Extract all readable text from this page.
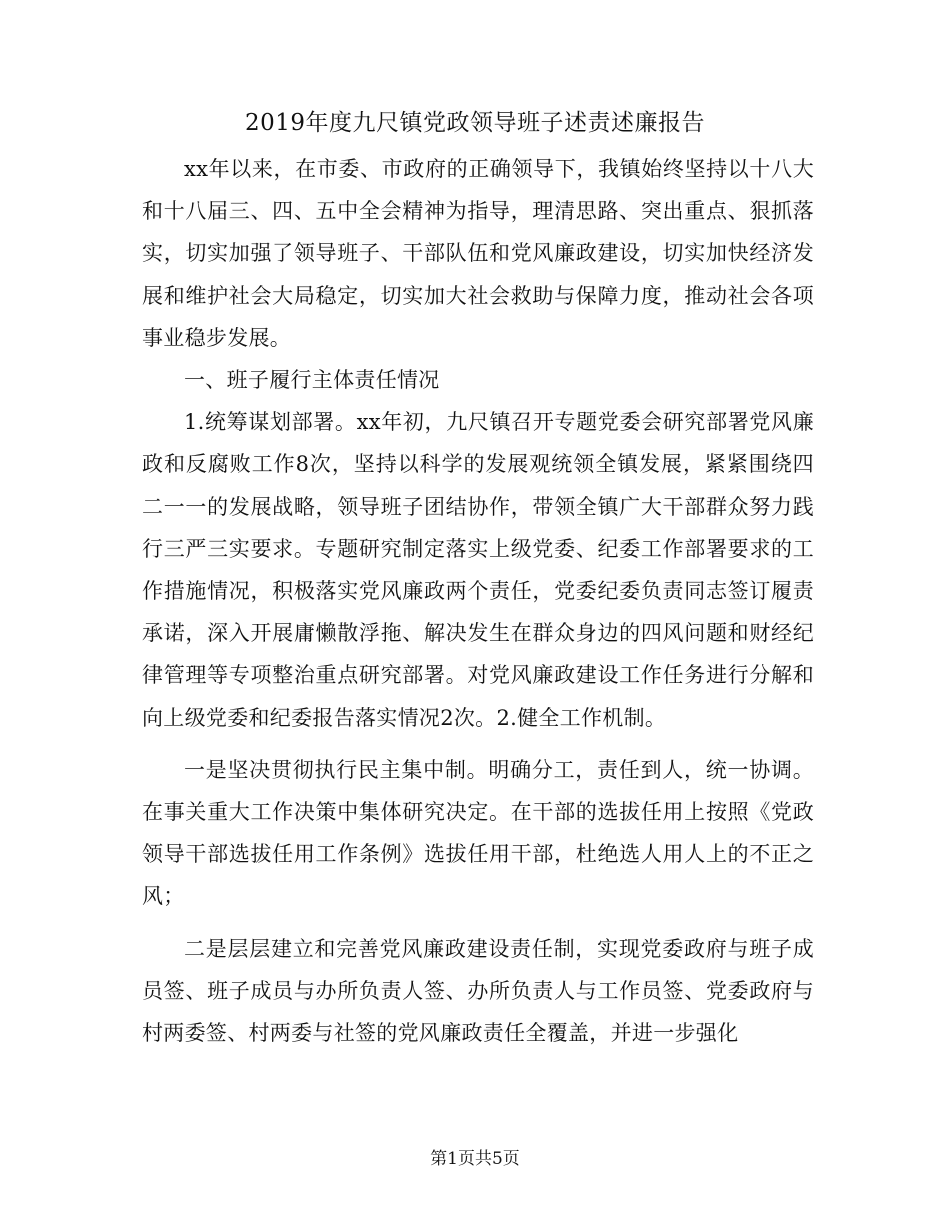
2019年度九尺镇党政领导班子述责述廉报告

xx年以来，在市委、市政府的正确领导下，我镇始终坚持以十八大和十八届三、四、五中全会精神为指导，理清思路、突出重点、狠抓落实，切实加强了领导班子、干部队伍和党风廉政建设，切实加快经济发展和维护社会大局稳定，切实加大社会救助与保障力度，推动社会各项事业稳步发展。

一、班子履行主体责任情况

1.统筹谋划部署。xx年初，九尺镇召开专题党委会研究部署党风廉政和反腐败工作8次，坚持以科学的发展观统领全镇发展，紧紧围绕四二一一的发展战略，领导班子团结协作，带领全镇广大干部群众努力践行三严三实要求。专题研究制定落实上级党委、纪委工作部署要求的工作措施情况，积极落实党风廉政两个责任，党委纪委负责同志签订履责承诺，深入开展庸懒散浮拖、解决发生在群众身边的四风问题和财经纪律管理等专项整治重点研究部署。对党风廉政建设工作任务进行分解和向上级党委和纪委报告落实情况2次。2.健全工作机制。

一是坚决贯彻执行民主集中制。明确分工，责任到人，统一协调。在事关重大工作决策中集体研究决定。在干部的选拔任用上按照《党政领导干部选拔任用工作条例》选拔任用干部，杜绝选人用人上的不正之风；

二是层层建立和完善党风廉政建设责任制，实现党委政府与班子成员签、班子成员与办所负责人签、办所负责人与工作员签、党委政府与村两委签、村两委与社签的党风廉政责任全覆盖，并进一步强化

第1页共5页
